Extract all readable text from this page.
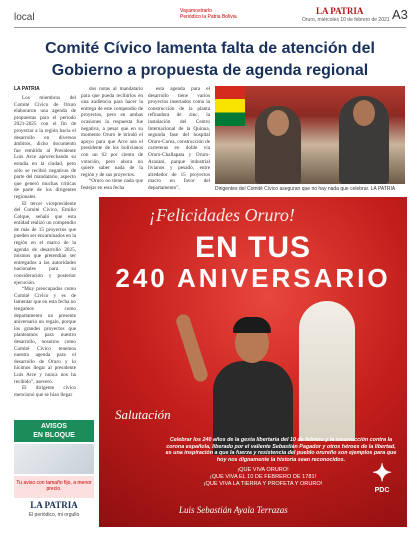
local
Vayamostrarlo
Periódico la Patria Bolivia
LA PATRIA
Oruro, miércoles 10 de febrero de 2021 A3
Comité Cívico lamenta falta de atención del Gobierno a propuesta de agenda regional

LA PATRIA

Los miembros del Comité Cívico de Oruro elaboraron una agenda de propuestas para el periodo 2021-2025 con el fin de proyectar a la región hacia el desarrollo en diversos ámbitos, dicho documento fue remitido al Presidente Luis Arce aprovechando su estadía en la ciudad, pero sólo se recibió negativas de parte del mandatario, aspecto que generó muchas críticas de parte de los dirigentes regionales.

El tercer vicepresidente del Comité Cívico, Emilio Colque, señaló que esta entidad realizó un compendio de más de 15 proyectos que pueden ser encaminados en la región en el marco de la agenda de desarrollo 2025, mismos que pretendían ser entregados a las autoridades nacionales para su consideración y posterior ejecución.

“Muy preocupados como Comité Cívico y es de lamentar que en esta fecha no tengamos como departamento un presente aniversario un regalo, porque los grandes proyectos que planteamos para nuestro desarrollo, nosotros como Comité Cívico tenemos nuestra agenda para el desarrollo de Oruro y lo hicimos llegar al presidente Luis Arce y nunca nos ha recibido”, aseveró.

El dirigente cívico mencionó que se hizo llegar

dos notas al mandatario para que pueda recibirlos en una audiencia para hacer la entrega de este compendio de proyectos, pero en ambas ocasiones la respuesta fue negativa, a pesar que en su momento Oruro le brindó el apoyo para que Arce sea el presidente de los bolivianos con un 62 por ciento de votación, pero ahora no quiere saber nada de la región y de sus proyectos.

“Oruro no tiene nada que festejar en esta fecha

esta agenda para el desarrollo tiene varios proyectos insertados como la construcción de la planta refinadora de zinc, la instalación del Centro Internacional de la Quinua, segunda fase del hospital Oruro-Corea, construcción de carreteras en doble vía Oruro-Challapata y Oruro-Arazani, parque industrial livianos y pesado, entre alrededor de 15 proyectos macro en favor del departamento”,	Dirigentes del Comité Cívico aseguran que no hay nada que celebrar. LA PATRIA
¡Felicidades Oruro!
EN TUS
240 ANIVERSARIO
Salutación
Celebrar los 240 años de la gesta libertaria del 10 de febrero y la insurrección contra la corona española, liberado por el valiente Sebastián Pagador y otros héroes de la libertad, es una inspiración a que la fuerza y resistencia del pueblo orureño son ejemplos para que hoy nos dignamente la historia sean reconocidos.
¡QUE VIVA ORURO!
¡QUE VIVA EL 10 DE FEBRERO DE 1781!
¡QUE VIVA LA TIERRA Y PROFETA Y ORURO!
Luis Sebastián Ayala Terrazas
✦
PDC
AVISOS
EN BLOQUE
Tu aviso con tamaño fijo, a menor precio.
LA PATRIA
El periódico, mi orgullo
